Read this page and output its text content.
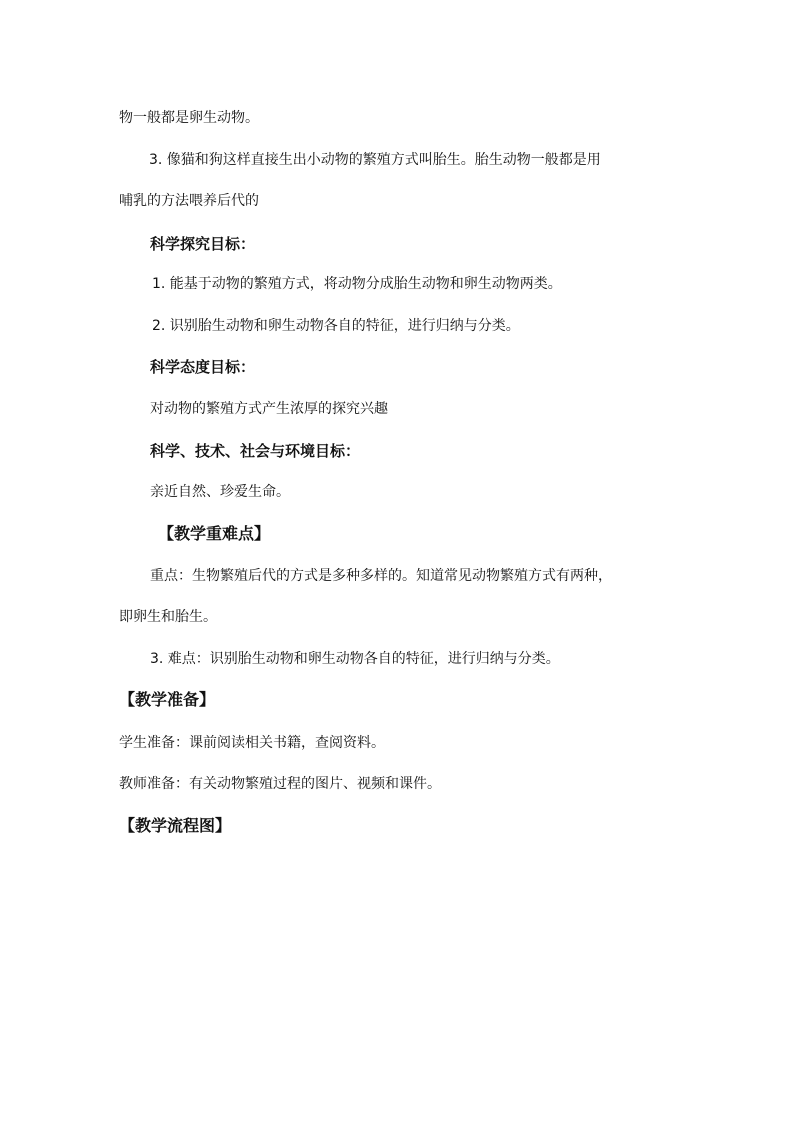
物一般都是卵生动物。
3. 像猫和狗这样直接生出小动物的繁殖方式叫胎生。胎生动物一般都是用
哺乳的方法喂养后代的
科学探究目标：
1. 能基于动物的繁殖方式，将动物分成胎生动物和卵生动物两类。
2. 识别胎生动物和卵生动物各自的特征，进行归纳与分类。
科学态度目标：
对动物的繁殖方式产生浓厚的探究兴趣
科学、技术、社会与环境目标：
亲近自然、珍爱生命。
【教学重难点】
重点：生物繁殖后代的方式是多种多样的。知道常见动物繁殖方式有两种，
即卵生和胎生。
3. 难点：识别胎生动物和卵生动物各自的特征，进行归纳与分类。
【教学准备】
学生准备：课前阅读相关书籍，查阅资料。
教师准备：有关动物繁殖过程的图片、视频和课件。
【教学流程图】
